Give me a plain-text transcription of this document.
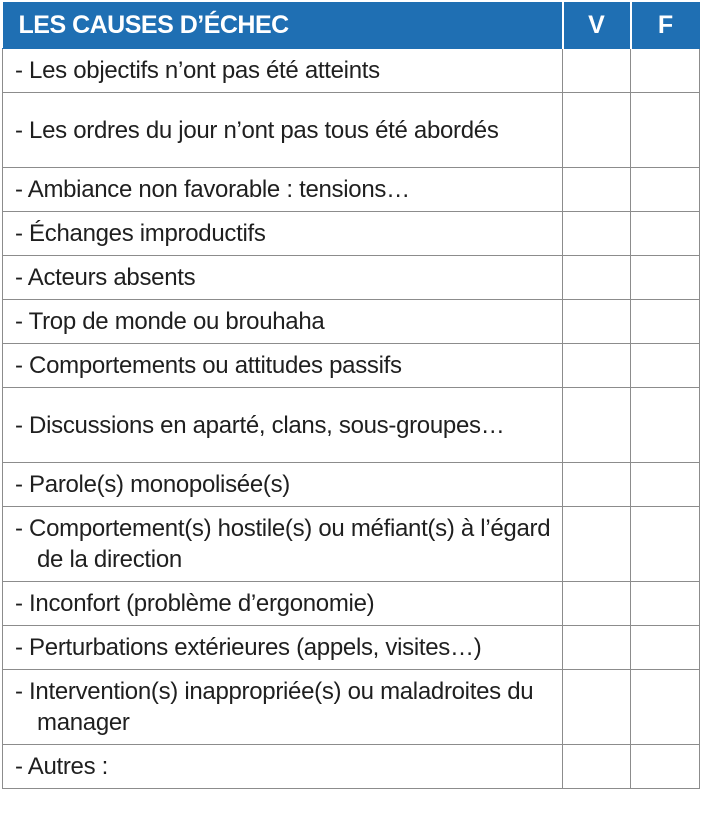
LES CAUSES D’ÉCHEC	V	F

- Les objectifs n’ont pas été atteints		

- Les ordres du jour n’ont pas tous été abordés		

- Ambiance non favorable : tensions…		

- Échanges improductifs		

- Acteurs absents		

- Trop de monde ou brouhaha		

- Comportements ou attitudes passifs		

- Discussions en aparté, clans, sous-groupes…		

- Parole(s) monopolisée(s)		

- Comportement(s) hostile(s) ou méfiant(s) à l’égard de la direction		

- Inconfort (problème d’ergonomie)		

- Perturbations extérieures (appels, visites…)		

- Intervention(s) inappropriée(s) ou maladroites du manager		

- Autres :		
